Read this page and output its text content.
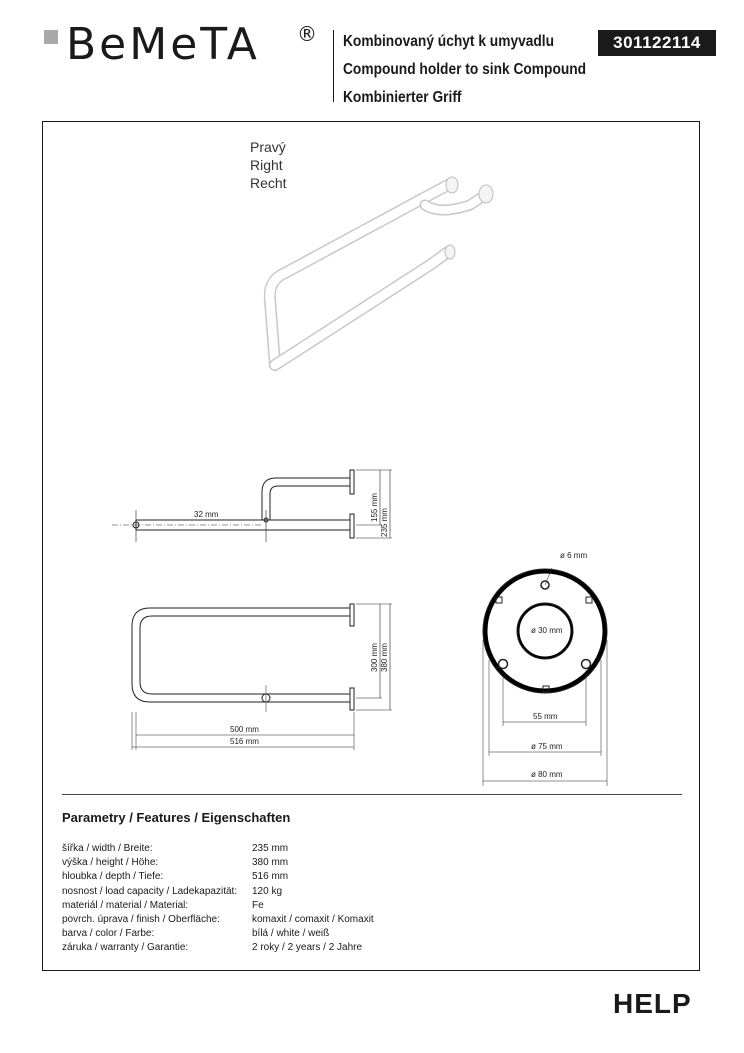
BeMeTA ® Kombinovaný úchyt k umyvadlu
Compound holder to sink Compound
Kombinierter Griff
301122114
Pravý
Right
Recht
32 mm	155 mm
235 mm
300 mm 380 mm
500 mm
516 mm
ø 6 mm
ø 30 mm
55 mm
ø 75 mm
ø 80 mm
Parametry / Features / Eigenschaften
šířka / width / Breite:	235 mm
výška / height / Höhe:	380 mm
hloubka / depth / Tiefe:	516 mm
nosnost / load capacity / Ladekapazität:	120 kg
materiál / material / Material:	Fe
povrch. úprava / finish / Oberfläche:	komaxit / comaxit / Komaxit
barva / color / Farbe:	bílá / white / weiß
záruka / warranty / Garantie:	2 roky / 2 years / 2 Jahre
HELP
